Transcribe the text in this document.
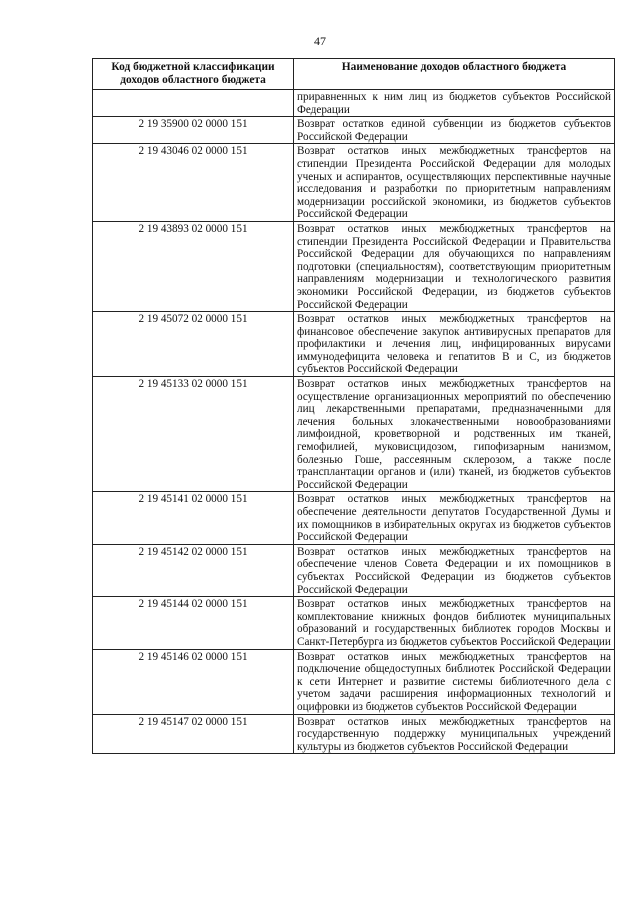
47
Код бюджетной классификации доходов областного бюджета	Наименование доходов областного бюджета
	приравненных к ним лиц из бюджетов субъектов Российской Федерации
2 19 35900 02 0000 151	Возврат остатков единой субвенции из бюджетов субъектов Российской Федерации
2 19 43046 02 0000 151	Возврат остатков иных межбюджетных трансфертов на стипендии Президента Российской Федерации для молодых ученых и аспирантов, осуществляющих перспективные научные исследования и разработки по приоритетным направлениям модернизации российской экономики, из бюджетов субъектов Российской Федерации
2 19 43893 02 0000 151	Возврат остатков иных межбюджетных трансфертов на стипендии Президента Российской Федерации и Правительства Российской Федерации для обучающихся по направлениям подготовки (специальностям), соответствующим приоритетным направлениям модернизации и технологического развития экономики Российской Федерации, из бюджетов субъектов Российской Федерации
2 19 45072 02 0000 151	Возврат остатков иных межбюджетных трансфертов на финансовое обеспечение закупок антивирусных препаратов для профилактики и лечения лиц, инфицированных вирусами иммунодефицита человека и гепатитов B и C, из бюджетов субъектов Российской Федерации
2 19 45133 02 0000 151	Возврат остатков иных межбюджетных трансфертов на осуществление организационных мероприятий по обеспечению лиц лекарственными препаратами, предназначенными для лечения больных злокачественными новообразованиями лимфоидной, кроветворной и родственных им тканей, гемофилией, муковисцидозом, гипофизарным нанизмом, болезнью Гоше, рассеянным склерозом, а также после трансплантации органов и (или) тканей, из бюджетов субъектов Российской Федерации
2 19 45141 02 0000 151	Возврат остатков иных межбюджетных трансфертов на обеспечение деятельности депутатов Государственной Думы и их помощников в избирательных округах из бюджетов субъектов Российской Федерации
2 19 45142 02 0000 151	Возврат остатков иных межбюджетных трансфертов на обеспечение членов Совета Федерации и их помощников в субъектах Российской Федерации из бюджетов субъектов Российской Федерации
2 19 45144 02 0000 151	Возврат остатков иных межбюджетных трансфертов на комплектование книжных фондов библиотек муниципальных образований и государственных библиотек городов Москвы и Санкт-Петербурга из бюджетов субъектов Российской Федерации
2 19 45146 02 0000 151	Возврат остатков иных межбюджетных трансфертов на подключение общедоступных библиотек Российской Федерации к сети Интернет и развитие системы библиотечного дела с учетом задачи расширения информационных технологий и оцифровки из бюджетов субъектов Российской Федерации
2 19 45147 02 0000 151	Возврат остатков иных межбюджетных трансфертов на государственную поддержку муниципальных учреждений культуры из бюджетов субъектов Российской Федерации
